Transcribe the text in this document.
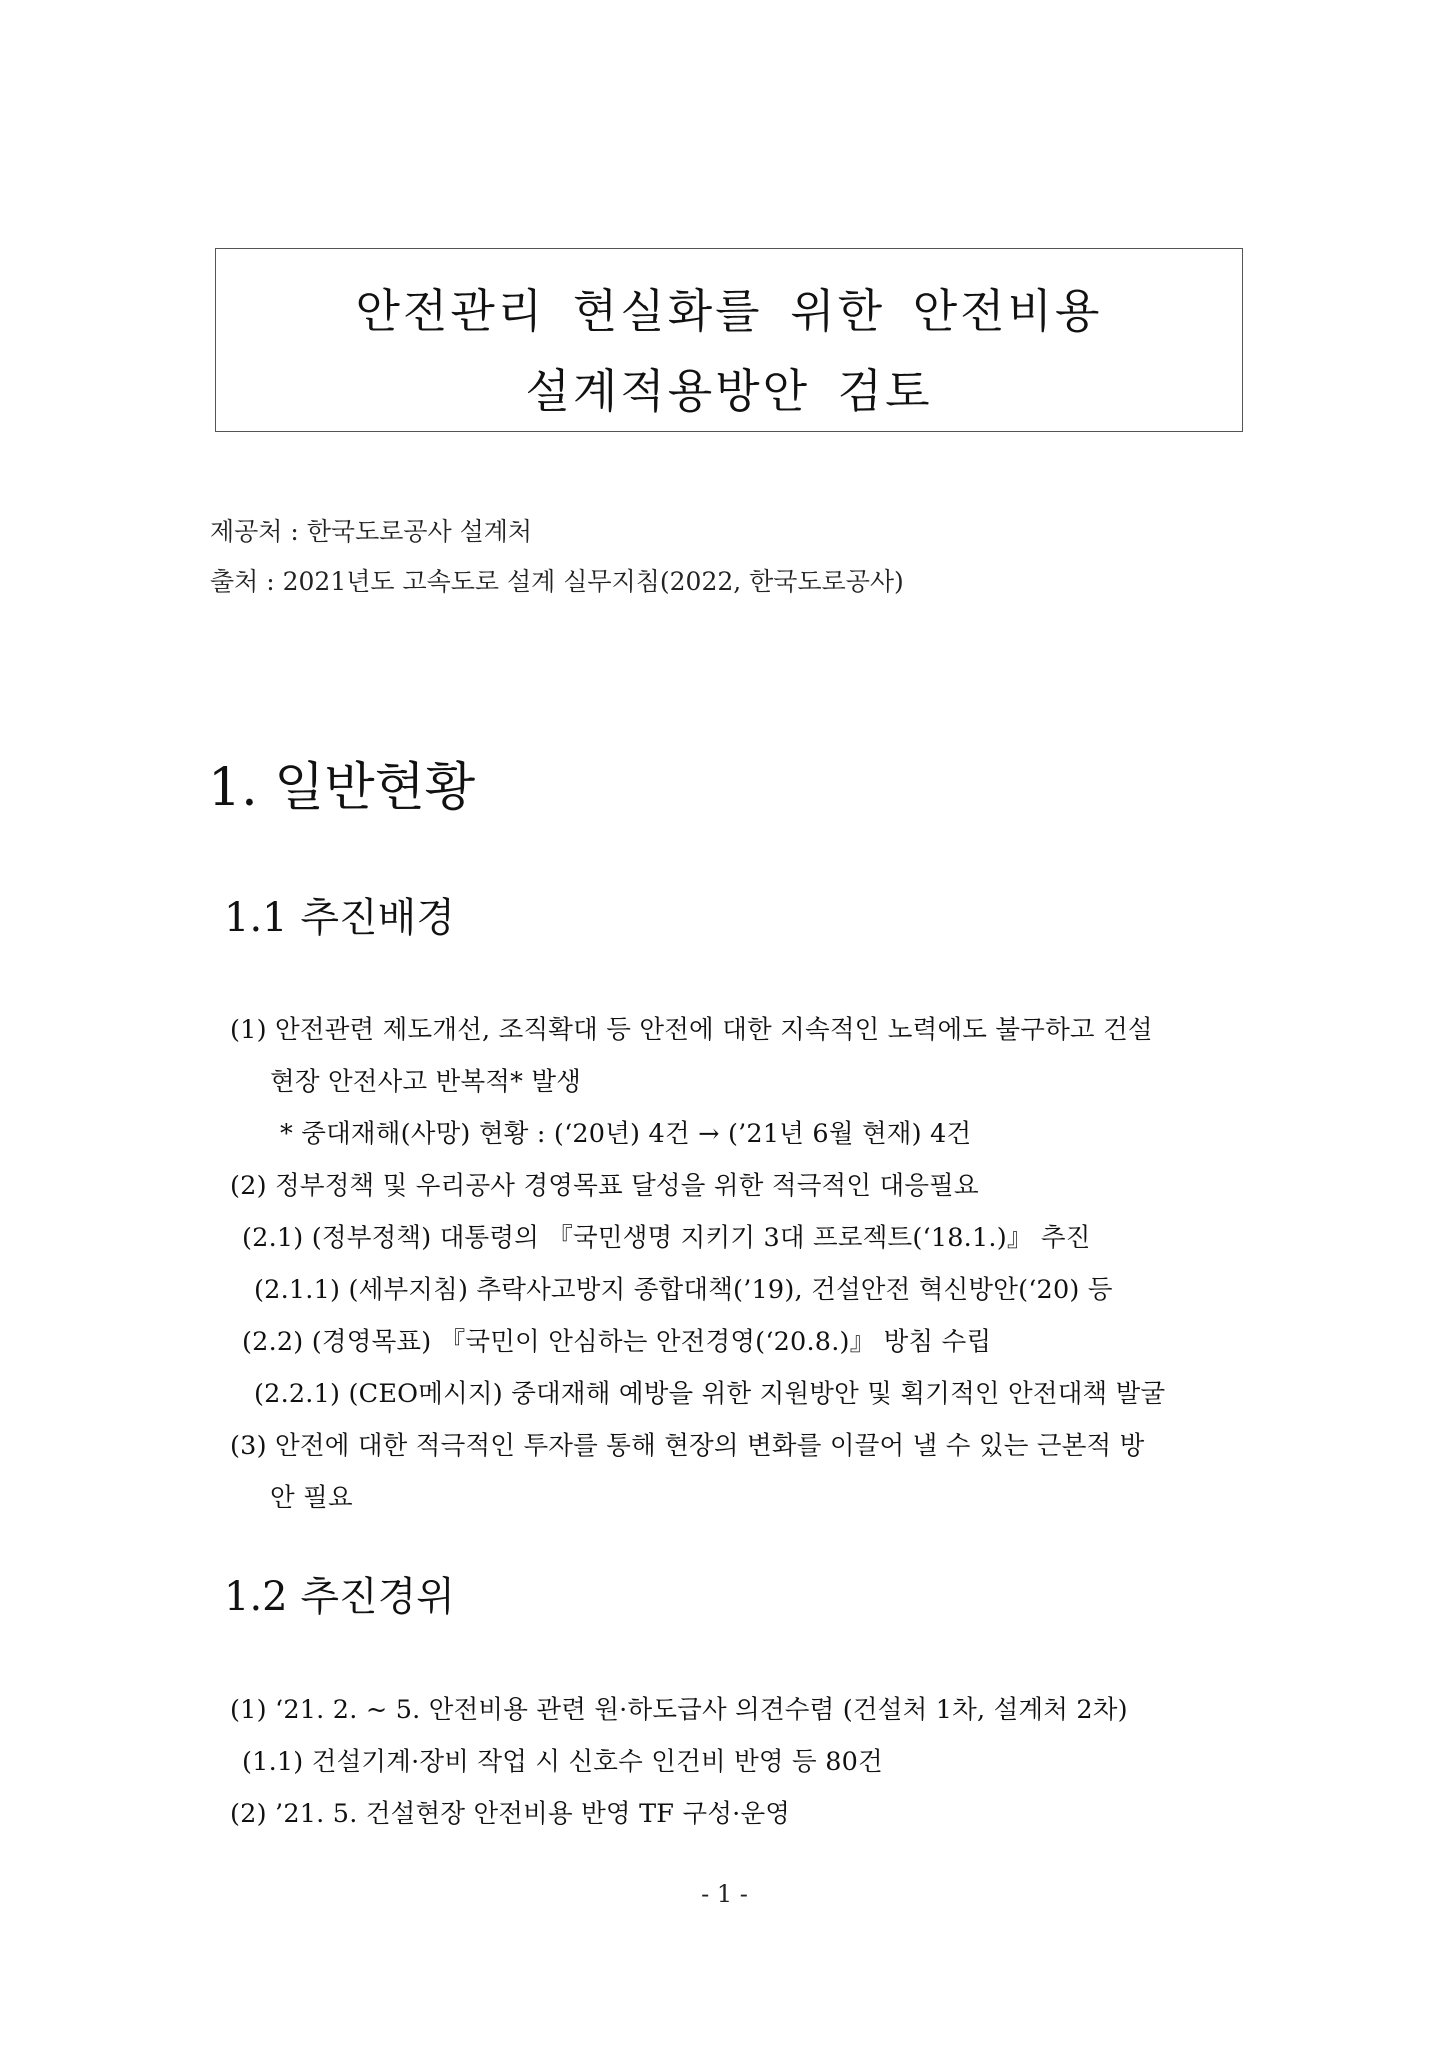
안전관리 현실화를 위한 안전비용
설계적용방안 검토
제공처 : 한국도로공사 설계처
출처 : 2021년도 고속도로 설계 실무지침(2022, 한국도로공사)
1. 일반현황
1.1 추진배경
(1) 안전관련 제도개선, 조직확대 등 안전에 대한 지속적인 노력에도 불구하고 건설
현장 안전사고 반복적* 발생
* 중대재해(사망) 현황 : (‘20년) 4건 → (’21년 6월 현재) 4건
(2) 정부정책 및 우리공사 경영목표 달성을 위한 적극적인 대응필요
(2.1) (정부정책) 대통령의 『국민생명 지키기 3대 프로젝트(‘18.1.)』 추진
(2.1.1) (세부지침) 추락사고방지 종합대책(’19), 건설안전 혁신방안(‘20) 등
(2.2) (경영목표) 『국민이 안심하는 안전경영(‘20.8.)』 방침 수립
(2.2.1) (CEO메시지) 중대재해 예방을 위한 지원방안 및 획기적인 안전대책 발굴
(3) 안전에 대한 적극적인 투자를 통해 현장의 변화를 이끌어 낼 수 있는 근본적 방
안 필요
1.2 추진경위
(1) ‘21. 2. ~ 5. 안전비용 관련 원·하도급사 의견수렴 (건설처 1차, 설계처 2차)
(1.1) 건설기계·장비 작업 시 신호수 인건비 반영 등 80건
(2) ’21. 5. 건설현장 안전비용 반영 TF 구성·운영
- 1 -
